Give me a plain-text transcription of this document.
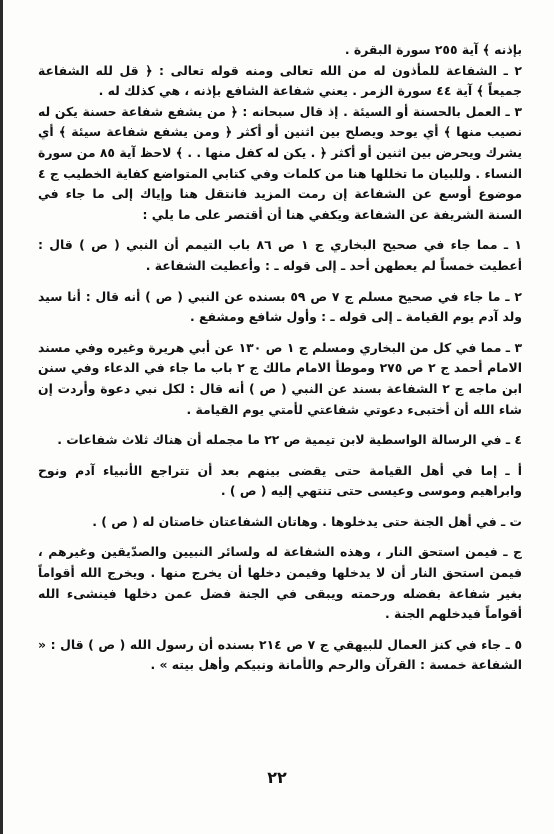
بإذنه ﴾ آية ٢٥٥ سورة البقرة .

٢ ـ الشفاعة للمأذون له من الله تعالى ومنه قوله تعالى : ﴿ قل لله الشفاعة جميعاً ﴾ آية ٤٤ سورة الزمر . يعني شفاعة الشافع بإذنه ، هي كذلك له .

٣ ـ العمل بالحسنة أو السيئة . إذ قال سبحانه : ﴿ من يشفع شفاعة حسنة يكن له نصيب منها ﴾ أي يوحد ويصلح بين اثنين أو أكثر ﴿ ومن يشفع شفاعة سيئة ﴾ أي يشرك ويحرض بين اثنين أو أكثر ﴿ . يكن له كفل منها . . ﴾ لاحظ آية ٨٥ من سورة النساء . وللبيان ما تخللها هنا من كلمات وفي كتابي المتواضع كفاية الخطيب ج ٤ موضوع أوسع عن الشفاعة إن رمت المزيد فانتقل هنا وإياك إلى ما جاء في السنة الشريفة عن الشفاعة ويكفي هنا أن أقتصر على ما يلي :

١ ـ مما جاء في صحيح البخاري ج ١ ص ٨٦ باب التيمم أن النبي ( ص ) قال : أعطيت خمساً لم يعطهن أحد ـ إلى قوله ـ : وأعطيت الشفاعة .

٢ ـ ما جاء في صحيح مسلم ج ٧ ص ٥٩ بسنده عن النبي ( ص ) أنه قال : أنا سيد ولد آدم يوم القيامة ـ إلى قوله ـ : وأول شافع ومشفع .

٣ ـ مما في كل من البخاري ومسلم ج ١ ص ١٣٠ عن أبي هريرة وغيره وفي مسند الامام أحمد ج ٢ ص ٢٧٥ وموطأ الامام مالك ج ٢ باب ما جاء في الدعاء وفي سنن ابن ماجه ج ٢ الشفاعة بسند عن النبي ( ص ) أنه قال : لكل نبي دعوة وأردت إن شاء الله أن أختبىء دعوتي شفاعتي لأمتي يوم القيامة .

٤ ـ في الرسالة الواسطية لابن تيمية ص ٢٢ ما مجمله أن هناك ثلاث شفاعات .

أ ـ إما في أهل القيامة حتى يقضى بينهم بعد أن تتراجع الأنبياء آدم ونوح وابراهيم وموسى وعيسى حتى تنتهي إليه ( ص ) .

ت ـ في أهل الجنة حتى يدخلوها . وهاتان الشفاعتان خاصتان له ( ص ) .

ج ـ فيمن استحق النار ، وهذه الشفاعة له ولسائر النبيين والصدّيقين وغيرهم ، فيمن استحق النار أن لا يدخلها وفيمن دخلها أن يخرج منها . ويخرج الله أقواماً بغير شفاعة بفضله ورحمته ويبقى في الجنة فضل عمن دخلها فينشىء الله أقواماً فيدخلهم الجنة .

٥ ـ جاء في كنز العمال للبيهقي ج ٧ ص ٢١٤ بسنده أن رسول الله ( ص ) قال : « الشفاعة خمسة : القرآن والرحم والأمانة ونبيكم وأهل بيته » .

٢٢
